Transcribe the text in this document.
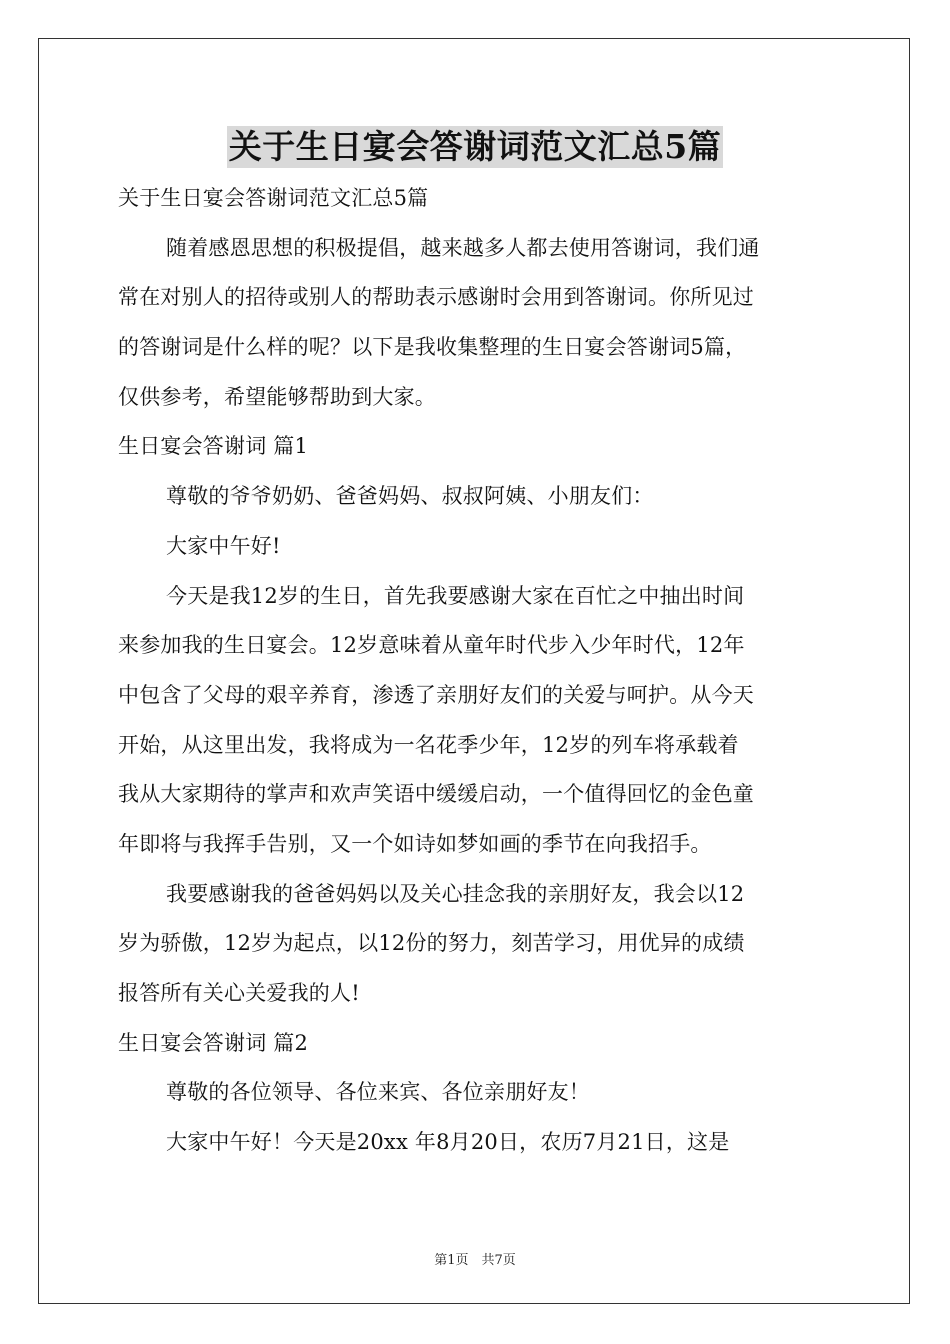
关于生日宴会答谢词范文汇总5篇
关于生日宴会答谢词范文汇总5篇
随着感恩思想的积极提倡，越来越多人都去使用答谢词，我们通
常在对别人的招待或别人的帮助表示感谢时会用到答谢词。你所见过
的答谢词是什么样的呢？以下是我收集整理的生日宴会答谢词5篇，
仅供参考，希望能够帮助到大家。
生日宴会答谢词 篇1
尊敬的爷爷奶奶、爸爸妈妈、叔叔阿姨、小朋友们：
大家中午好!
今天是我12岁的生日，首先我要感谢大家在百忙之中抽出时间
来参加我的生日宴会。12岁意味着从童年时代步入少年时代，12年
中包含了父母的艰辛养育，渗透了亲朋好友们的关爱与呵护。从今天
开始，从这里出发，我将成为一名花季少年，12岁的列车将承载着
我从大家期待的掌声和欢声笑语中缓缓启动，一个值得回忆的金色童
年即将与我挥手告别，又一个如诗如梦如画的季节在向我招手。
我要感谢我的爸爸妈妈以及关心挂念我的亲朋好友，我会以12
岁为骄傲，12岁为起点，以12份的努力，刻苦学习，用优异的成绩
报答所有关心关爱我的人!
生日宴会答谢词 篇2
尊敬的各位领导、各位来宾、各位亲朋好友！
大家中午好！今天是20xx 年8月20日，农历7月21日，这是
第1页　共7页
